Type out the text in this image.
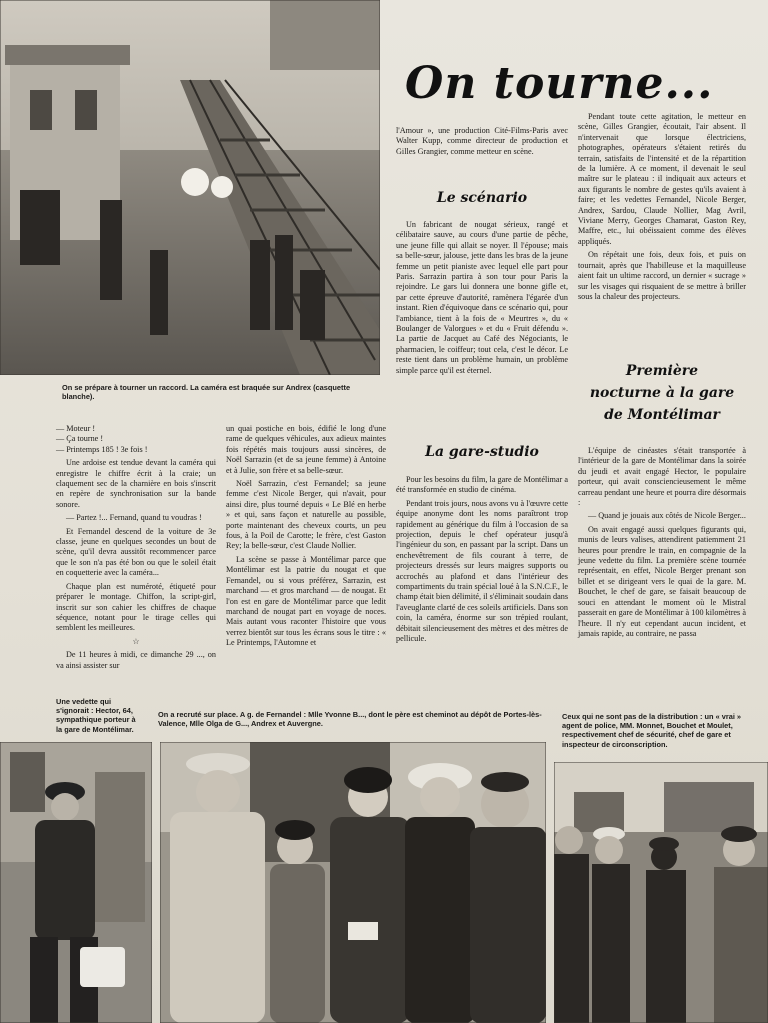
On se prépare à tourner un raccord. La caméra est braquée sur Andrex (casquette blanche).
On tourne...

l'Amour », une production Cité-Films-Paris avec Walter Kupp, comme directeur de production et Gilles Grangier, comme metteur en scène.

Le scénario

Un fabricant de nougat sérieux, rangé et célibataire sauve, au cours d'une partie de pêche, une jeune fille qui allait se noyer. Il l'épouse; mais sa belle-sœur, jalouse, jette dans les bras de la jeune femme un petit pianiste avec lequel elle part pour Paris. Sarrazin partira à son tour pour Paris la rejoindre. Le gars lui donnera une bonne gifle et, par cette épreuve d'autorité, ramènera l'égarée d'un instant. Rien d'équivoque dans ce scénario qui, pour l'ambiance, tient à la fois de « Meurtres », du « Boulanger de Valorgues » et du « Fruit défendu ». La partie de Jacquet au Café des Négociants, le pharmacien, le coiffeur; tout cela, c'est le décor. Le reste tient dans un problème humain, un problème simple parce qu'il est éternel.

La gare-studio

Pour les besoins du film, la gare de Montélimar a été transformée en studio de cinéma.

Pendant trois jours, nous avons vu à l'œuvre cette équipe anonyme dont les noms paraîtront trop rapidement au générique du film à l'occasion de sa projection, depuis le chef opérateur jusqu'à l'ingénieur du son, en passant par la script. Dans un enchevêtrement de fils courant à terre, de projecteurs dressés sur leurs maigres supports ou accrochés au plafond et dans l'intérieur des compartiments du train spécial loué à la S.N.C.F., le champ était bien délimité, il s'éliminait soudain dans l'aveuglante clarté de ces soleils artificiels. Dans son coin, la caméra, énorme sur son trépied roulant, débitait silencieusement des mètres et des mètres de pellicule.

Pendant toute cette agitation, le metteur en scène, Gilles Grangier, écoutait, l'air absent. Il n'intervenait que lorsque électriciens, photographes, opérateurs s'étaient retirés du terrain, satisfaits de l'intensité et de la répartition de la lumière. A ce moment, il devenait le seul maître sur le plateau : il indiquait aux acteurs et aux figurants le nombre de gestes qu'ils avaient à faire; et les vedettes Fernandel, Nicole Berger, Andrex, Sardou, Claude Nollier, Mag Avril, Viviane Merry, Georges Chamarat, Gaston Rey, Maffre, etc., lui obéissaient comme des élèves appliqués.

On répétait une fois, deux fois, et puis on tournait, après que l'habilleuse et la maquilleuse aient fait un ultime raccord, un dernier « sucrage » sur les visages qui risquaient de se mettre à briller sous la chaleur des projecteurs.

Première
nocturne à la gare
de Montélimar

L'équipe de cinéastes s'était transportée à l'intérieur de la gare de Montélimar dans la soirée du jeudi et avait engagé Hector, le populaire porteur, qui avait consciencieusement le même carreau pendant une heure et pourra dire désormais :

— Quand je jouais aux côtés de Nicole Berger...

On avait engagé aussi quelques figurants qui, munis de leurs valises, attendirent patiemment 21 heures pour prendre le train, en compagnie de la jeune vedette du film. La première scène tournée représentait, en effet, Nicole Berger prenant son billet et se dirigeant vers le quai de la gare. M. Bouchet, le chef de gare, se faisait beaucoup de souci en attendant le moment où le Mistral passerait en gare de Montélimar à 100 kilomètres à l'heure. Il n'y eut cependant aucun incident, et jamais rapide, au contraire, ne passa

— Moteur !

— Ça tourne !

— Printemps 185 ! 3e fois !

Une ardoise est tendue devant la caméra qui enregistre le chiffre écrit à la craie; un claquement sec de la charnière en bois s'inscrit en repère de synchronisation sur la bande sonore.

— Partez !... Fernand, quand tu voudras !

Et Fernandel descend de la voiture de 3e classe, jeune en quelques secondes un bout de scène, qu'il devra aussitôt recommencer parce que le son n'a pas été bon ou que le soleil était en coquetterie avec la caméra...

Chaque plan est numéroté, étiqueté pour préparer le montage. Chiffon, la script-girl, inscrit sur son cahier les chiffres de chaque séquence, notant pour le tirage celles qui semblent les meilleures.

☆

De 11 heures à midi, ce dimanche 29 ..., on va ainsi assister sur

un quai postiche en bois, édifié le long d'une rame de quelques véhicules, aux adieux maintes fois répétés mais toujours aussi sincères, de Noël Sarrazin (et de sa jeune femme) à Antoine et à Julie, son frère et sa belle-sœur.

Noël Sarrazin, c'est Fernandel; sa jeune femme c'est Nicole Berger, qui n'avait, pour ainsi dire, plus tourné depuis « Le Blé en herbe » et qui, sans façon et naturelle au possible, porte maintenant des cheveux courts, un peu fous, à la Poil de Carotte; le frère, c'est Gaston Rey; la belle-sœur, c'est Claude Nollier.

La scène se passe à Montélimar parce que Montélimar est la patrie du nougat et que Fernandel, ou si vous préférez, Sarrazin, est marchand — et gros marchand — de nougat. Et l'on est en gare de Montélimar parce que ledit marchand de nougat part en voyage de noces. Mais autant vous raconter l'histoire que vous verrez bientôt sur tous les écrans sous le titre : « Le Printemps, l'Automne et

Une vedette qui s'ignorait : Hector, 64, sympathique porteur à la gare de Montélimar.
On a recruté sur place. A g. de Fernandel : Mlle Yvonne B..., dont le père est cheminot au dépôt de Portes-lès-Valence, Mlle Olga de G..., Andrex et Auvergne.
Ceux qui ne sont pas de la distribution : un « vrai » agent de police, MM. Monnet, Bouchet et Moulet, respectivement chef de sécurité, chef de gare et inspecteur de circonscription.
